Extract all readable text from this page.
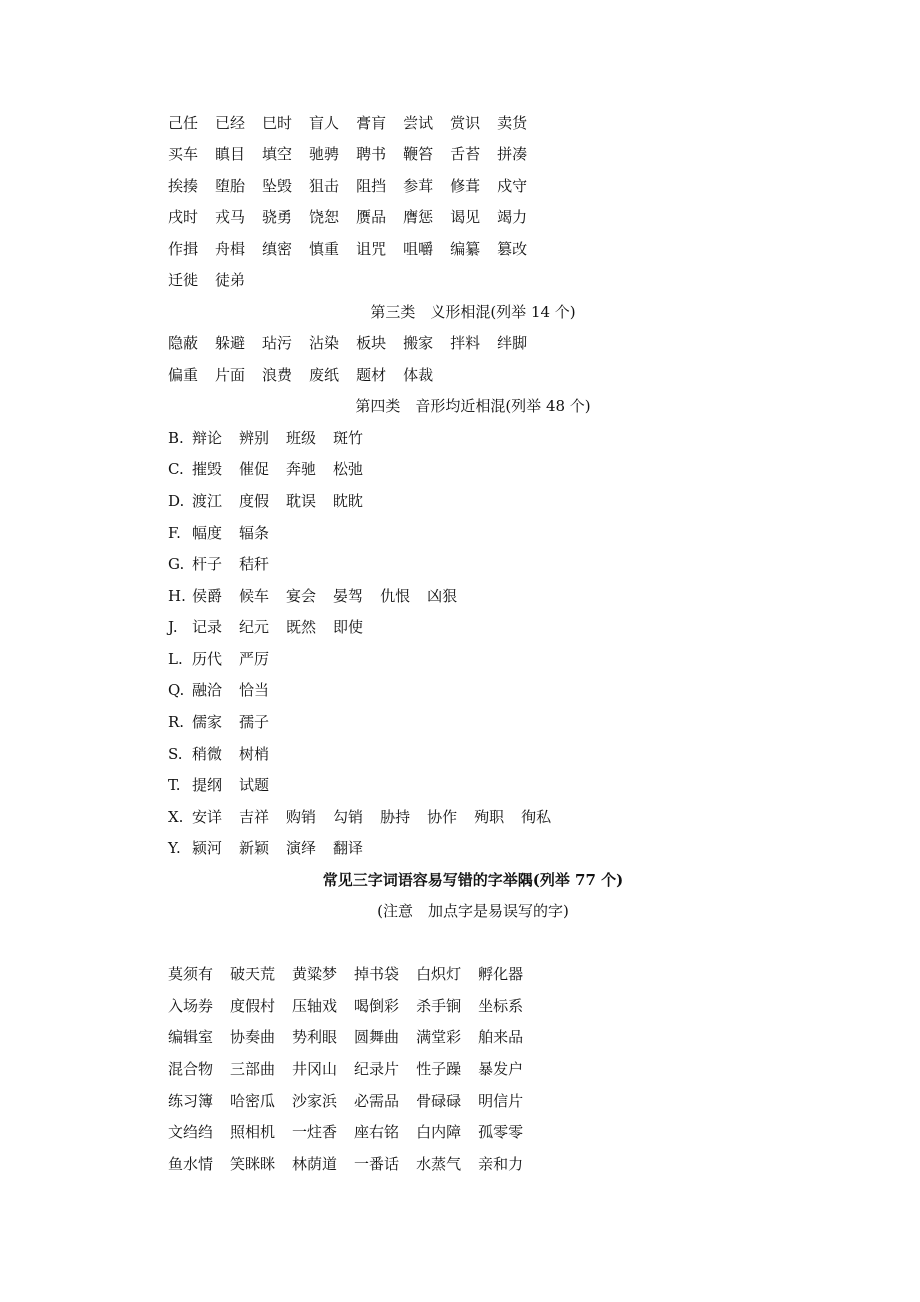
己任 已经 巳时 盲人 膏肓 尝试 赏识 卖货
买车 瞋目 填空 驰骋 聘书 鞭笞 舌苔 拼凑
挨揍 堕胎 坠毁 狙击 阻挡 参茸 修葺 戍守
戌时 戎马 骁勇 饶恕 赝品 膺惩 谒见 竭力
作揖 舟楫 缜密 慎重 诅咒 咀嚼 编纂 篡改
迁徙 徒弟
第三类　义形相混(列举 14 个)
隐蔽 躲避 玷污 沾染 板块 搬家 拌料 绊脚
偏重 片面 浪费 废纸 题材 体裁
第四类　音形均近相混(列举 48 个)
B. 辩论 辨别 班级 斑竹
C. 摧毁 催促 奔驰 松弛
D. 渡江 度假 耽误 眈眈
F. 幅度 辐条
G. 杆子 秸秆
H. 侯爵 候车 宴会 晏驾 仇恨 凶狠
J. 记录 纪元 既然 即使
L. 历代 严厉
Q. 融洽 恰当
R. 儒家 孺子
S. 稍微 树梢
T. 提纲 试题
X. 安详 吉祥 购销 勾销 胁持 协作 殉职 徇私
Y. 颍河 新颖 演绎 翻译
常见三字词语容易写错的字举隅(列举 77 个)
(注意　加点字是易误写的字)
莫须有 破天荒 黄粱梦 掉书袋 白炽灯 孵化器
入场券 度假村 压轴戏 喝倒彩 杀手锏 坐标系
编辑室 协奏曲 势利眼 圆舞曲 满堂彩 舶来品
混合物 三部曲 井冈山 纪录片 性子躁 暴发户
练习簿 哈密瓜 沙家浜 必需品 骨碌碌 明信片
文绉绉 照相机 一炷香 座右铭 白内障 孤零零
鱼水情 笑眯眯 林荫道 一番话 水蒸气 亲和力
